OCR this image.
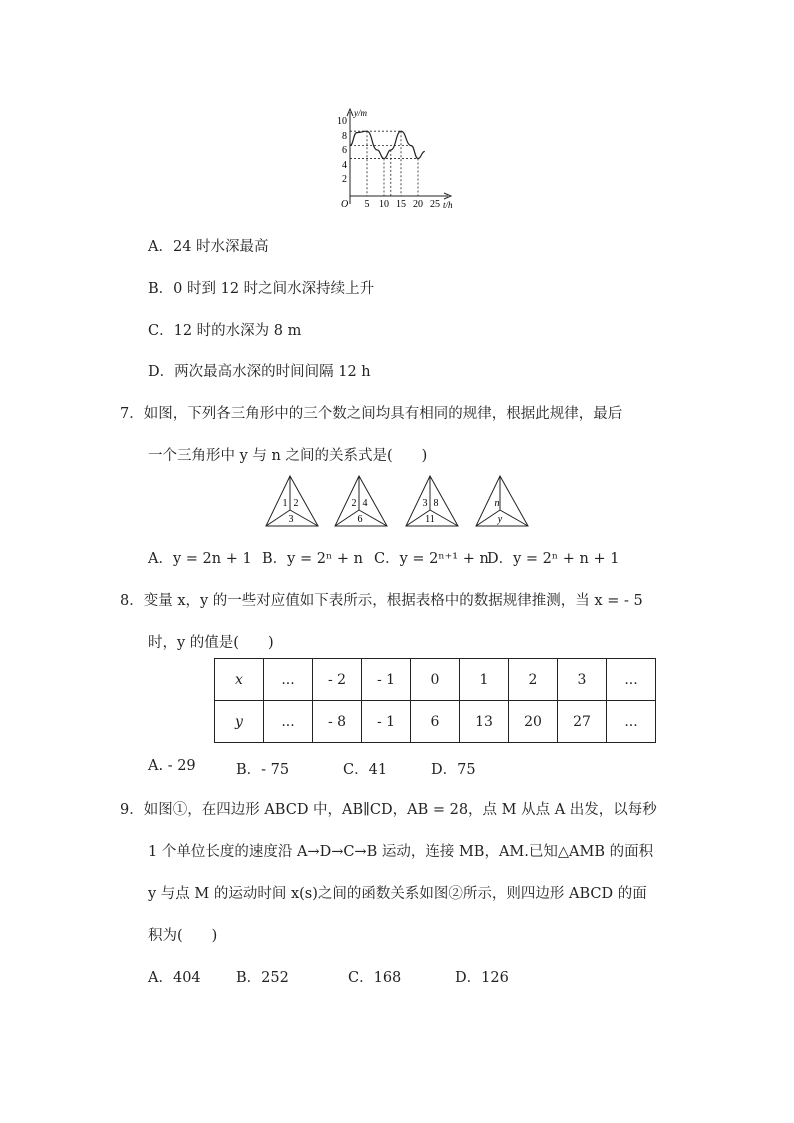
y/m
t/h
O
10
8
6
4
2
5 10 15 20 25
A．24 时水深最高
B．0 时到 12 时之间水深持续上升
C．12 时的水深为 8 m
D．两次最高水深的时间间隔 12 h
7．如图，下列各三角形中的三个数之间均具有相同的规律，根据此规律，最后
一个三角形中 y 与 n 之间的关系式是(　　)
1 2
3
2 4
6
3 8
11
n
y
A．y = 2n + 1 B．y = 2ⁿ + n C．y = 2ⁿ⁺¹ + n
D．y = 2ⁿ + n + 1
8．变量 x，y 的一些对应值如下表所示，根据表格中的数据规律推测，当 x = - 5
时，y 的值是(　　)
x	...	- 2	- 1	0	1	2	3	...
y	...	- 8	- 1	6	13	20	27	...
A. - 29	B．- 75	C．41	D．75
9．如图①，在四边形 ABCD 中，AB∥CD，AB = 28，点 M 从点 A 出发，以每秒
1 个单位长度的速度沿 A→D→C→B 运动，连接 MB，AM.已知△AMB 的面积
y 与点 M 的运动时间 x(s)之间的函数关系如图②所示，则四边形 ABCD 的面
积为(　　)
A．404 B．252	C．168	D．126
